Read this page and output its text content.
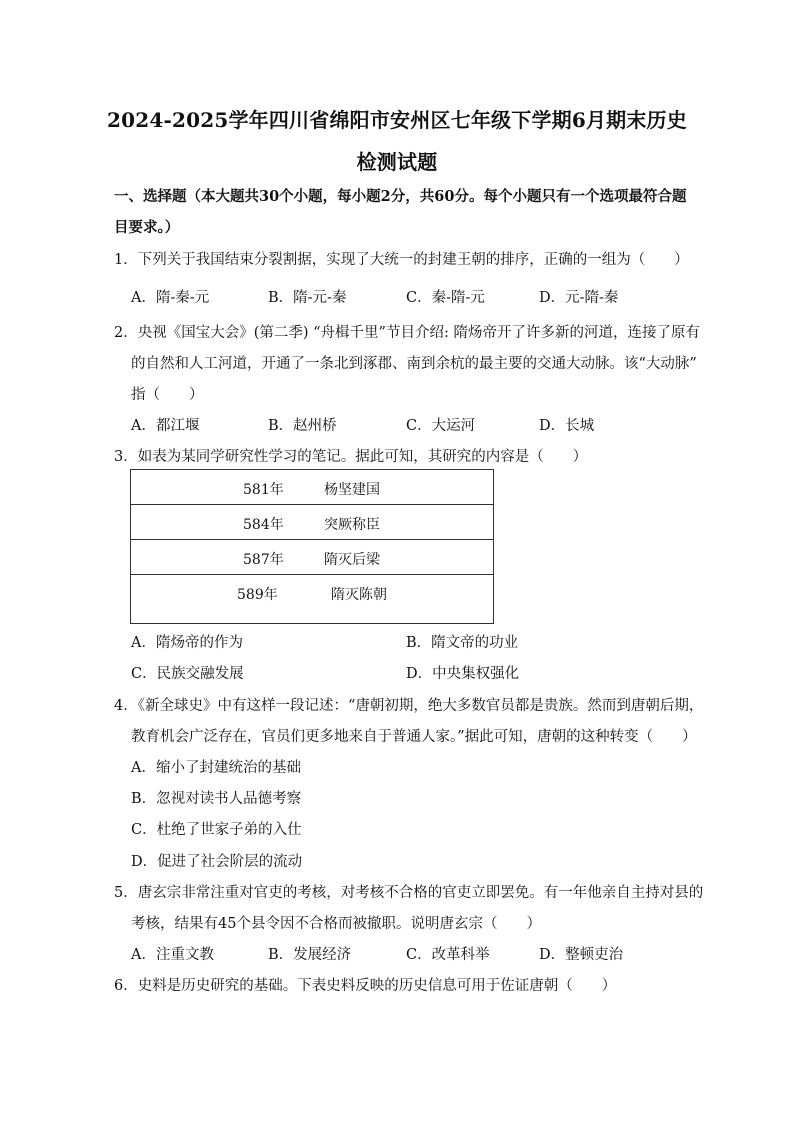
2024-2025学年四川省绵阳市安州区七年级下学期6月期末历史
检测试题
一、选择题（本大题共30个小题，每小题2分，共60分。每个小题只有一个选项最符合题
目要求。）
1．下列关于我国结束分裂割据，实现了大统一的封建王朝的排序，正确的一组为（　　）
A．隋-秦-元	B．隋-元-秦	C．秦-隋-元	D．元-隋-秦
2．央视《国宝大会》(第二季) “舟楫千里”节目介绍: 隋炀帝开了许多新的河道，连接了原有
的自然和人工河道，开通了一条北到涿郡、南到余杭的最主要的交通大动脉。该“大动脉”
指（　　）
A．都江堰	B．赵州桥	C．大运河	D．长城
3．如表为某同学研究性学习的笔记。据此可知，其研究的内容是（　　）
581年	杨坚建国

584年	突厥称臣

587年	隋灭后梁

589年	隋灭陈朝
A．隋炀帝的作为	B．隋文帝的功业
C．民族交融发展	D．中央集权强化
4．《新全球史》中有这样一段记述：“唐朝初期，绝大多数官员都是贵族。然而到唐朝后期，
教育机会广泛存在，官员们更多地来自于普通人家。”据此可知，唐朝的这种转变（　　）
A．缩小了封建统治的基础
B．忽视对读书人品德考察
C．杜绝了世家子弟的入仕
D．促进了社会阶层的流动
5．唐玄宗非常注重对官吏的考核，对考核不合格的官吏立即罢免。有一年他亲自主持对县的
考核，结果有45个县令因不合格而被撤职。说明唐玄宗（　　）
A．注重文教	B．发展经济	C．改革科举	D．整顿吏治
6．史料是历史研究的基础。下表史料反映的历史信息可用于佐证唐朝（　　）
